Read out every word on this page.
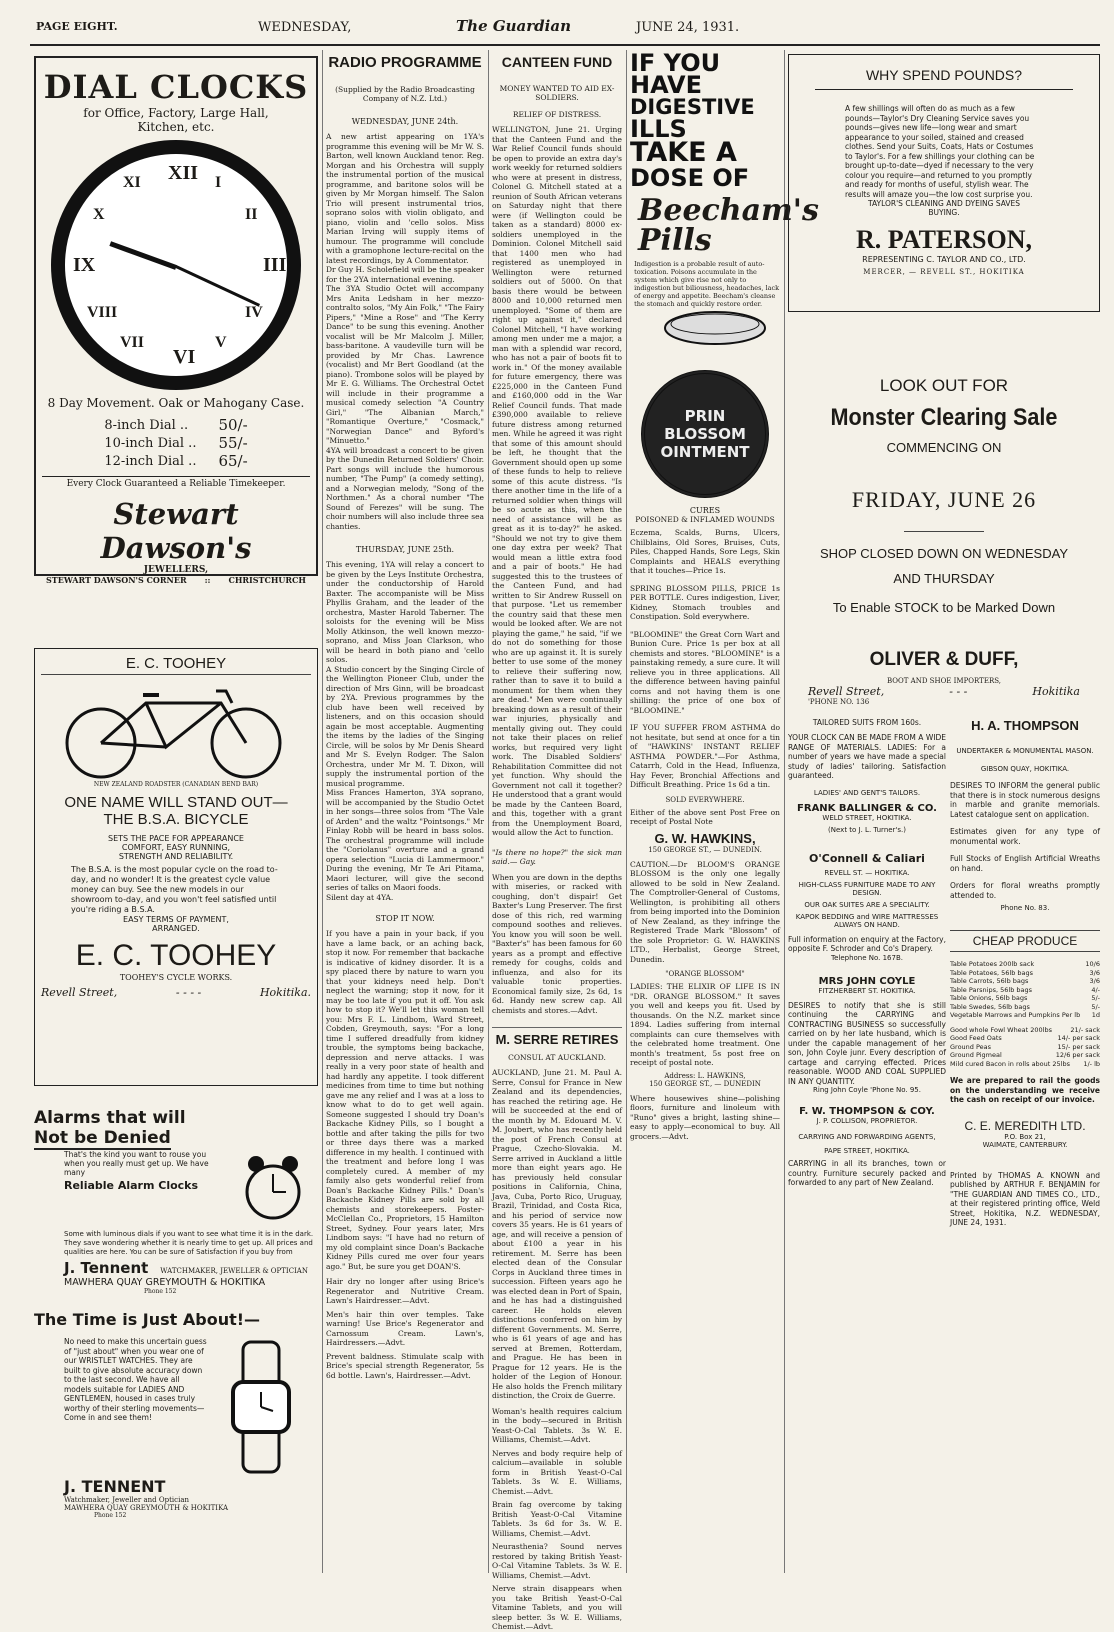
PAGE EIGHT.	WEDNESDAY,	The Guardian	JUNE 24, 1931.
DIAL CLOCKS
for Office, Factory, Large Hall, Kitchen, etc.
XII
III
VI
IX
I
II
IV
V
VII
VIII
X
XI
8 Day Movement. Oak or Mahogany Case.
8-inch Dial ..	50/-
10-inch Dial ..	55/-
12-inch Dial ..	65/-
Every Clock Guaranteed a Reliable Timekeeper.
Stewart Dawson's
JEWELLERS,
STEWART DAWSON'S CORNER :: CHRISTCHURCH
E. C. TOOHEY
NEW ZEALAND ROADSTER (CANADIAN BEND BAR)
ONE NAME WILL STAND OUT— THE B.S.A. BICYCLE
SETS THE PACE FOR APPEARANCE
COMFORT, EASY RUNNING,
STRENGTH AND RELIABILITY.
The B.S.A. is the most popular cycle on the road to-day, and no wonder! It is the greatest cycle value money can buy. See the new models in our showroom to-day, and you won't feel satisfied until you're riding a B.S.A.
EASY TERMS OF PAYMENT, ARRANGED.
E. C. TOOHEY
TOOHEY'S CYCLE WORKS.
Revell Street,	- - - -	Hokitika.
Alarms that will
Not be Denied
That's the kind you want to rouse you when you really must get up. We have many
Reliable Alarm Clocks
Some with luminous dials if you want to see what time it is in the dark. They save wondering whether it is nearly time to get up. All prices and qualities are here. You can be sure of Satisfaction if you buy from
J. Tennent WATCHMAKER, JEWELLER & OPTICIAN
MAWHERA QUAY GREYMOUTH & HOKITIKA
Phone 152
The Time is Just About!—
No need to make this uncertain guess of "just about" when you wear one of our WRISTLET WATCHES. They are built to give absolute accuracy down to the last second. We have all models suitable for LADIES AND GENTLEMEN, housed in cases truly worthy of their sterling movements— Come in and see them!
J. TENNENT
Watchmaker, Jeweller and Optician
MAWHERA QUAY GREYMOUTH & HOKITIKA
Phone 152
RADIO PROGRAMME
(Supplied by the Radio Broadcasting Company of N.Z. Ltd.)
WEDNESDAY, JUNE 24th.
A new artist appearing on 1YA's programme this evening will be Mr W. S. Barton, well known Auckland tenor. Reg. Morgan and his Orchestra will supply the instrumental portion of the musical programme, and baritone solos will be given by Mr Morgan himself. The Salon Trio will present instrumental trios, soprano solos with violin obligato, and piano, violin and 'cello solos. Miss Marian Irving will supply items of humour. The programme will conclude with a gramophone lecture-recital on the latest recordings, by A Commentator.
Dr Guy H. Scholefield will be the speaker for the 2YA international evening.
The 3YA Studio Octet will accompany Mrs Anita Ledsham in her mezzo-contralto solos, "My Ain Folk," "The Fairy Pipers," "Mine a Rose" and "The Kerry Dance" to be sung this evening. Another vocalist will be Mr Malcolm J. Miller, bass-baritone. A vaudeville turn will be provided by Mr Chas. Lawrence (vocalist) and Mr Bert Goodland (at the piano). Trombone solos will be played by Mr E. G. Williams. The Orchestral Octet will include in their programme a musical comedy selection "A Country Girl," "The Albanian March," "Romantique Overture," "Cosmack," "Norwegian Dance" and Byford's "Minuetto."
4YA will broadcast a concert to be given by the Dunedin Returned Soldiers' Choir. Part songs will include the humorous number, "The Pump" (a comedy setting), and a Norwegian melody, "Song of the Northmen." As a choral number "The Sound of Ferezes" will be sung. The choir numbers will also include three sea chanties.
THURSDAY, JUNE 25th.
This evening, 1YA will relay a concert to be given by the Leys Institute Orchestra, under the conductorship of Harold Baxter. The accompaniste will be Miss Phyllis Graham, and the leader of the orchestra, Master Harold Taberner. The soloists for the evening will be Miss Molly Atkinson, the well known mezzo-soprano, and Miss Joan Clarkson, who will be heard in both piano and 'cello solos.
A Studio concert by the Singing Circle of the Wellington Pioneer Club, under the direction of Mrs Ginn, will be broadcast by 2YA. Previous programmes by the club have been well received by listeners, and on this occasion should again be most acceptable. Augmenting the items by the ladies of the Singing Circle, will be solos by Mr Denis Sheard and Mr S. Evelyn Rodger. The Salon Orchestra, under Mr M. T. Dixon, will supply the instrumental portion of the musical programme.
Miss Frances Hamerton, 3YA soprano, will be accompanied by the Studio Octet in her songs—three solos from "The Vale of Arden" and the waltz "Pointsongs." Mr Finlay Robb will be heard in bass solos. The orchestral programme will include the "Coriolanus" overture and a grand opera selection "Lucia di Lammermoor." During the evening, Mr Te Ari Pitama, Maori lecturer, will give the second series of talks on Maori foods.
Silent day at 4YA.
STOP IT NOW.
If you have a pain in your back, if you have a lame back, or an aching back, stop it now. For remember that backache is indicative of kidney disorder. It is a spy placed there by nature to warn you that your kidneys need help. Don't neglect the warning; stop it now, for it may be too late if you put it off. You ask how to stop it? We'll let this woman tell you: Mrs F. L. Lindbom, Ward Street, Cobden, Greymouth, says: "For a long time I suffered dreadfully from kidney trouble, the symptoms being backache, depression and nerve attacks. I was really in a very poor state of health and had hardly any appetite. I took different medicines from time to time but nothing gave me any relief and I was at a loss to know what to do to get well again. Someone suggested I should try Doan's Backache Kidney Pills, so I bought a bottle and after taking the pills for two or three days there was a marked difference in my health. I continued with the treatment and before long I was completely cured. A member of my family also gets wonderful relief from Doan's Backache Kidney Pills." Doan's Backache Kidney Pills are sold by all chemists and storekeepers. Foster-McClellan Co., Proprietors, 15 Hamilton Street, Sydney. Four years later, Mrs Lindbom says: "I have had no return of my old complaint since Doan's Backache Kidney Pills cured me over four years ago." But, be sure you get DOAN'S.
Hair dry no longer after using Brice's Regenerator and Nutritive Cream. Lawn's Hairdresser.—Advt.
Men's hair thin over temples. Take warning! Use Brice's Regenerator and Carnossum Cream. Lawn's, Hairdressers.—Advt.
Prevent baldness. Stimulate scalp with Brice's special strength Regenerator, 5s 6d bottle. Lawn's, Hairdresser.—Advt.
CANTEEN FUND
MONEY WANTED TO AID EX-SOLDIERS.
RELIEF OF DISTRESS.
WELLINGTON, June 21. Urging that the Canteen Fund and the War Relief Council funds should be open to provide an extra day's work weekly for returned soldiers who were at present in distress, Colonel G. Mitchell stated at a reunion of South African veterans on Saturday night that there were (if Wellington could be taken as a standard) 8000 ex-soldiers unemployed in the Dominion. Colonel Mitchell said that 1400 men who had registered as unemployed in Wellington were returned soldiers out of 5000. On that basis there would be between 8000 and 10,000 returned men unemployed. "Some of them are right up against it," declared Colonel Mitchell, "I have working among men under me a major, a man with a splendid war record, who has not a pair of boots fit to work in." Of the money available for future emergency, there was £225,000 in the Canteen Fund and £160,000 odd in the War Relief Council funds. That made £390,000 available to relieve future distress among returned men. While he agreed it was right that some of this amount should be left, he thought that the Government should open up some of these funds to help to relieve some of this acute distress. "Is there another time in the life of a returned soldier when things will be so acute as this, when the need of assistance will be as great as it is to-day?" he asked. "Should we not try to give them one day extra per week? That would mean a little extra food and a pair of boots." He had suggested this to the trustees of the Canteen Fund, and had written to Sir Andrew Russell on that purpose. "Let us remember the country said that these men would be looked after. We are not playing the game," he said, "if we do not do something for those who are up against it. It is surely better to use some of the money to relieve their suffering now, rather than to save it to build a monument for them when they are dead." Men were continually breaking down as a result of their war injuries, physically and mentally giving out. They could not take their places on relief works, but required very light work. The Disabled Soldiers' Rehabilitation Committee did not yet function. Why should the Government not call it together? He understood that a grant would be made by the Canteen Board, and this, together with a grant from the Unemployment Board, would allow the Act to function.
"Is there no hope?" the sick man said.— Gay.
When you are down in the depths with miseries, or racked with coughing, don't dispair! Get Baxter's Lung Preserver. The first dose of this rich, red warming compound soothes and relieves. You know you will soon be well. "Baxter's" has been famous for 60 years as a prompt and effective remedy for coughs, colds and influenza, and also for its valuable tonic properties. Economical family size, 2s 6d, 1s 6d. Handy new screw cap. All chemists and stores.—Advt.
M. SERRE RETIRES
CONSUL AT AUCKLAND.
AUCKLAND, June 21. M. Paul A. Serre, Consul for France in New Zealand and its dependencies, has reached the retiring age. He will be succeeded at the end of the month by M. Edouard M. V. M. Joubert, who has recently held the post of French Consul at Prague, Czecho-Slovakia. M. Serre arrived in Auckland a little more than eight years ago. He has previously held consular positions in California, China, Java, Cuba, Porto Rico, Uruguay, Brazil, Trinidad, and Costa Rica, and his period of service now covers 35 years. He is 61 years of age, and will receive a pension of about £100 a year in his retirement. M. Serre has been elected dean of the Consular Corps in Auckland three times in succession. Fifteen years ago he was elected dean in Port of Spain, and he has had a distinguished career. He holds eleven distinctions conferred on him by different Governments. M. Serre, who is 61 years of age and has served at Bremen, Rotterdam, and Prague. He has been in Prague for 12 years. He is the holder of the Legion of Honour. He also holds the French military distinction, the Croix de Guerre.
Woman's health requires calcium in the body—secured in British Yeast-O-Cal Tablets. 3s W. E. Williams, Chemist.—Advt.
Nerves and body require help of calcium—available in soluble form in British Yeast-O-Cal Tablets. 3s W. E. Williams, Chemist.—Advt.
Brain fag overcome by taking British Yeast-O-Cal Vitamine Tablets. 3s 6d for 3s. W. E. Williams, Chemist.—Advt.
Neurasthenia? Sound nerves restored by taking British Yeast-O-Cal Vitamine Tablets. 3s W. E. Williams, Chemist.—Advt.
Nerve strain disappears when you take British Yeast-O-Cal Vitamine Tablets, and you will sleep better. 3s W. E. Williams, Chemist.—Advt.
IF YOU
HAVE
DIGESTIVE
ILLS
TAKE A
DOSE OF
Beecham's Pills
Indigestion is a probable result of auto-toxication. Poisons accumulate in the system which give rise not only to indigestion but biliousness, headaches, lack of energy and appetite. Beecham's cleanse the stomach and quickly restore order.
PRIN BLOSSOM OINTMENT
CURES
POISONED & INFLAMED WOUNDS
Eczema, Scalds, Burns, Ulcers, Chilblains, Old Sores, Bruises, Cuts, Piles, Chapped Hands, Sore Legs, Skin Complaints and HEALS everything that it touches—Price 1s.
SPRING BLOSSOM PILLS, PRICE 1s PER BOTTLE. Cures indigestion, Liver, Kidney, Stomach troubles and Constipation. Sold everywhere.
"BLOOMINE" the Great Corn Wart and Bunion Cure. Price 1s per box at all chemists and stores. "BLOOMINE" is a painstaking remedy, a sure cure. It will relieve you in three applications. All the difference between having painful corns and not having them is one shilling: the price of one box of "BLOOMINE."
IF YOU SUFFER FROM ASTHMA do not hesitate, but send at once for a tin of "HAWKINS' INSTANT RELIEF ASTHMA POWDER."—For Asthma, Catarrh, Cold in the Head, Influenza, Hay Fever, Bronchial Affections and Difficult Breathing. Price 1s 6d a tin.
SOLD EVERYWHERE.
Either of the above sent Post Free on receipt of Postal Note
G. W. HAWKINS,
150 GEORGE ST., — DUNEDIN.
CAUTION.—Dr BLOOM'S ORANGE BLOSSOM is the only one legally allowed to be sold in New Zealand. The Comptroller-General of Customs, Wellington, is prohibiting all others from being imported into the Dominion of New Zealand, as they infringe the Registered Trade Mark "Blossom" of the sole Proprietor: G. W. HAWKINS LTD., Herbalist, George Street, Dunedin.
"ORANGE BLOSSOM"
LADIES: THE ELIXIR OF LIFE IS IN "DR. ORANGE BLOSSOM." It saves you well and keeps you fit. Used by thousands. On the N.Z. market since 1894. Ladies suffering from internal complaints can cure themselves with the celebrated home treatment. One month's treatment, 5s post free on receipt of postal note.
Address: L. HAWKINS,
150 GEORGE ST., — DUNEDIN
Where housewives shine—polishing floors, furniture and linoleum with "Runo" gives a bright, lasting shine—easy to apply—economical to buy. All grocers.—Advt.
WHY SPEND POUNDS?
A few shillings will often do as much as a few pounds—Taylor's Dry Cleaning Service saves you pounds—gives new life—long wear and smart appearance to your soiled, stained and creased clothes. Send your Suits, Coats, Hats or Costumes to Taylor's. For a few shillings your clothing can be brought up-to-date—dyed if necessary to the very colour you require—and returned to you promptly and ready for months of useful, stylish wear. The results will amaze you—the low cost surprise you.
TAYLOR'S CLEANING AND DYEING SAVES BUYING.
R. PATERSON,
REPRESENTING C. TAYLOR AND CO., LTD.
MERCER, — REVELL ST., HOKITIKA
LOOK OUT FOR
Monster Clearing Sale
COMMENCING ON
FRIDAY, JUNE 26
SHOP CLOSED DOWN ON WEDNESDAY
AND THURSDAY
To Enable STOCK to be Marked Down
OLIVER & DUFF,
BOOT AND SHOE IMPORTERS,
Revell Street,	- - -	Hokitika
'PHONE NO. 136
TAILORED SUITS FROM 160s.
YOUR CLOCK CAN BE MADE FROM A WIDE RANGE OF MATERIALS. LADIES: For a number of years we have made a special study of ladies' tailoring. Satisfaction guaranteed.
LADIES' AND GENT'S TAILORS.
FRANK BALLINGER & CO.
WELD STREET, HOKITIKA.
(Next to J. L. Turner's.)
O'Connell & Caliari
REVELL ST. — HOKITIKA.
HIGH-CLASS FURNITURE MADE TO ANY DESIGN.
OUR OAK SUITES ARE A SPECIALITY.
KAPOK BEDDING and WIRE MATTRESSES ALWAYS ON HAND.
Full information on enquiry at the Factory, opposite F. Schroder and Co's Drapery.
Telephone No. 167B.
MRS JOHN COYLE
FITZHERBERT ST. HOKITIKA.
DESIRES to notify that she is still continuing the CARRYING and CONTRACTING BUSINESS so successfully carried on by her late husband, which is under the capable management of her son, John Coyle junr. Every description of cartage and carrying effected. Prices reasonable. WOOD AND COAL SUPPLIED IN ANY QUANTITY.
Ring John Coyle 'Phone No. 95.
F. W. THOMPSON & COY.
J. P. COLLISON, PROPRIETOR.
CARRYING AND FORWARDING AGENTS,
PAPE STREET, HOKITIKA.
CARRYING in all its branches, town or country. Furniture securely packed and forwarded to any part of New Zealand.
H. A. THOMPSON
UNDERTAKER & MONUMENTAL MASON.
GIBSON QUAY, HOKITIKA.
DESIRES TO INFORM the general public that there is in stock numerous designs in marble and granite memorials. Latest catalogue sent on application.
Estimates given for any type of monumental work.
Full Stocks of English Artificial Wreaths on hand.
Orders for floral wreaths promptly attended to.
Phone No. 83.
CHEAP PRODUCE
Table Potatoes 200lb sack	10/6
Table Potatoes, 56lb bags	3/6
Table Carrots, 56lb bags	3/6
Table Parsnips, 56lb bags	4/-
Table Onions, 56lb bags	5/-
Table Swedes, 56lb bags	5/-
Vegetable Marrows and Pumpkins Per lb 1d
Good whole Fowl Wheat 200lbs	21/- sack
Good Feed Oats	14/- per sack
Ground Peas	15/- per sack
Ground Pigmeal	12/6 per sack
Mild cured Bacon in rolls about 25lbs 1/- lb
We are prepared to rail the goods on the understanding we receive the cash on receipt of our invoice.
C. E. MEREDITH LTD.
P.O. Box 21,
WAIMATE, CANTERBURY.
Printed by THOMAS A. KNOWN and published by ARTHUR F. BENJAMIN for "THE GUARDIAN AND TIMES CO., LTD., at their registered printing office, Weld Street, Hokitika, N.Z. WEDNESDAY, JUNE 24, 1931.
